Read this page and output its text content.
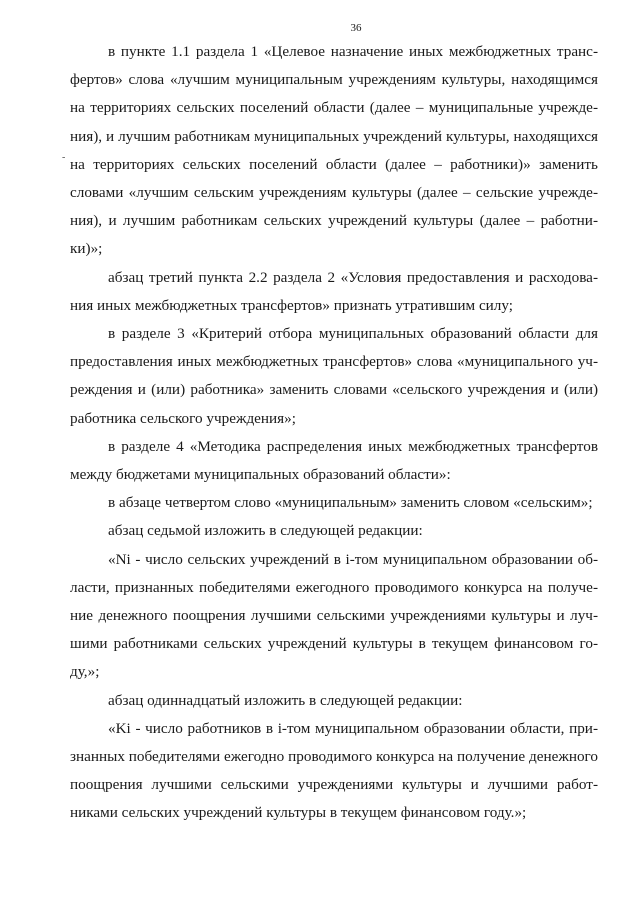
36
-

в пункте 1.1 раздела 1 «Целевое назначение иных межбюджетных трансфертов» слова «лучшим муниципальным учреждениям культуры, находящимся на территориях сельских поселений области (далее – муниципальные учреждения), и лучшим работникам муниципальных учреждений культуры, находящихся на территориях сельских поселений области (далее – работники)» заменить словами «лучшим сельским учреждениям культуры (далее – сельские учреждения), и лучшим работникам сельских учреждений культуры (далее – работники)»;

абзац третий пункта 2.2 раздела 2 «Условия предоставления и расходования иных межбюджетных трансфертов» признать утратившим силу;

в разделе 3 «Критерий отбора муниципальных образований области для предоставления иных межбюджетных трансфертов» слова «муниципального учреждения и (или) работника» заменить словами «сельского учреждения и (или) работника сельского учреждения»;

в разделе 4 «Методика распределения иных межбюджетных трансфертов между бюджетами муниципальных образований области»:

в абзаце четвертом слово «муниципальным» заменить словом «сельским»;

абзац седьмой изложить в следующей редакции:

«Ni - число сельских учреждений в i-том муниципальном образовании области, признанных победителями ежегодного проводимого конкурса на получение денежного поощрения лучшими сельскими учреждениями культуры и лучшими работниками сельских учреждений культуры в текущем финансовом году,»;

абзац одиннадцатый изложить в следующей редакции:

«Ki - число работников в i-том муниципальном образовании области, признанных победителями ежегодно проводимого конкурса на получение денежного поощрения лучшими сельскими учреждениями культуры и лучшими работниками сельских учреждений культуры в текущем финансовом году.»;
